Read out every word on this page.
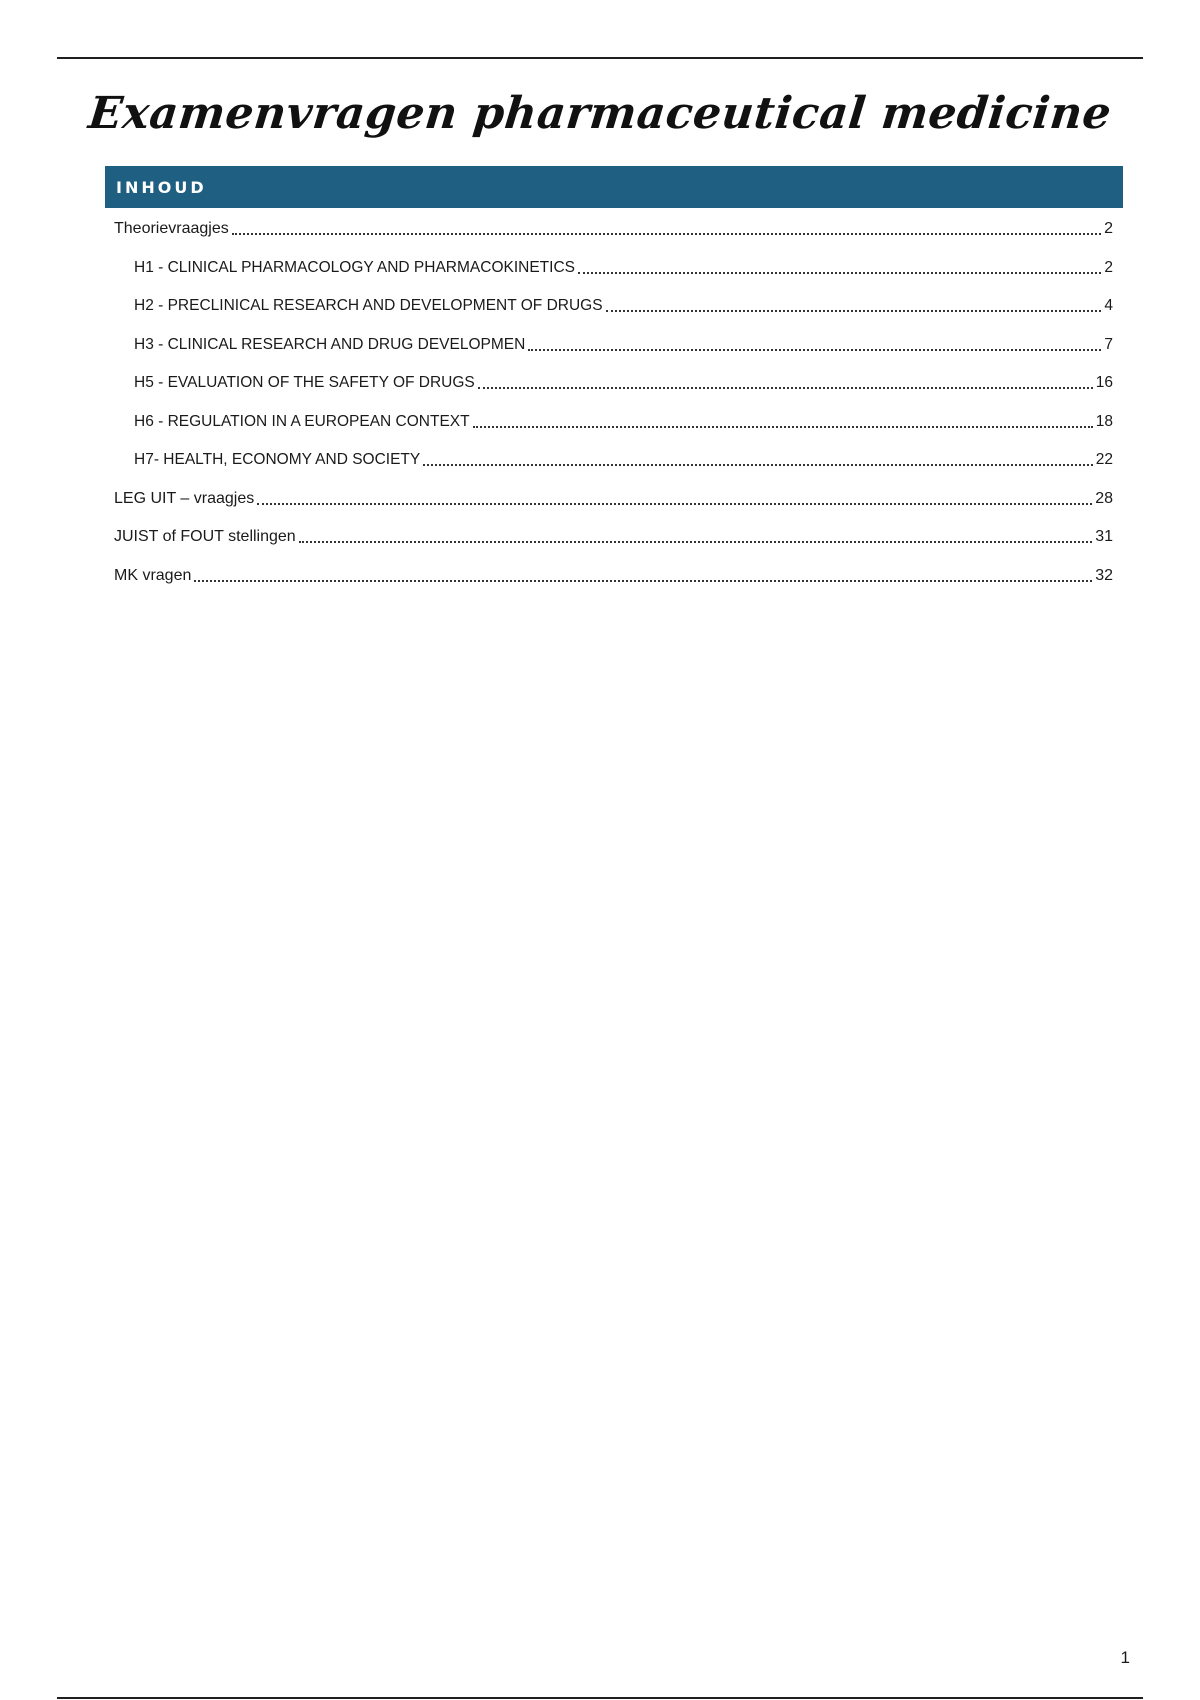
Examenvragen pharmaceutical medicine
INHOUD
Theorievraagjes	2
H1 - CLINICAL PHARMACOLOGY AND PHARMACOKINETICS	2
H2 - PRECLINICAL RESEARCH AND DEVELOPMENT OF DRUGS	4
H3 - CLINICAL RESEARCH AND DRUG DEVELOPMEN	7
H5 - EVALUATION OF THE SAFETY OF DRUGS	16
H6 - REGULATION IN A EUROPEAN CONTEXT	18
H7- HEALTH, ECONOMY AND SOCIETY	22
LEG UIT – vraagjes	28
JUIST of FOUT stellingen	31
MK vragen	32
1
